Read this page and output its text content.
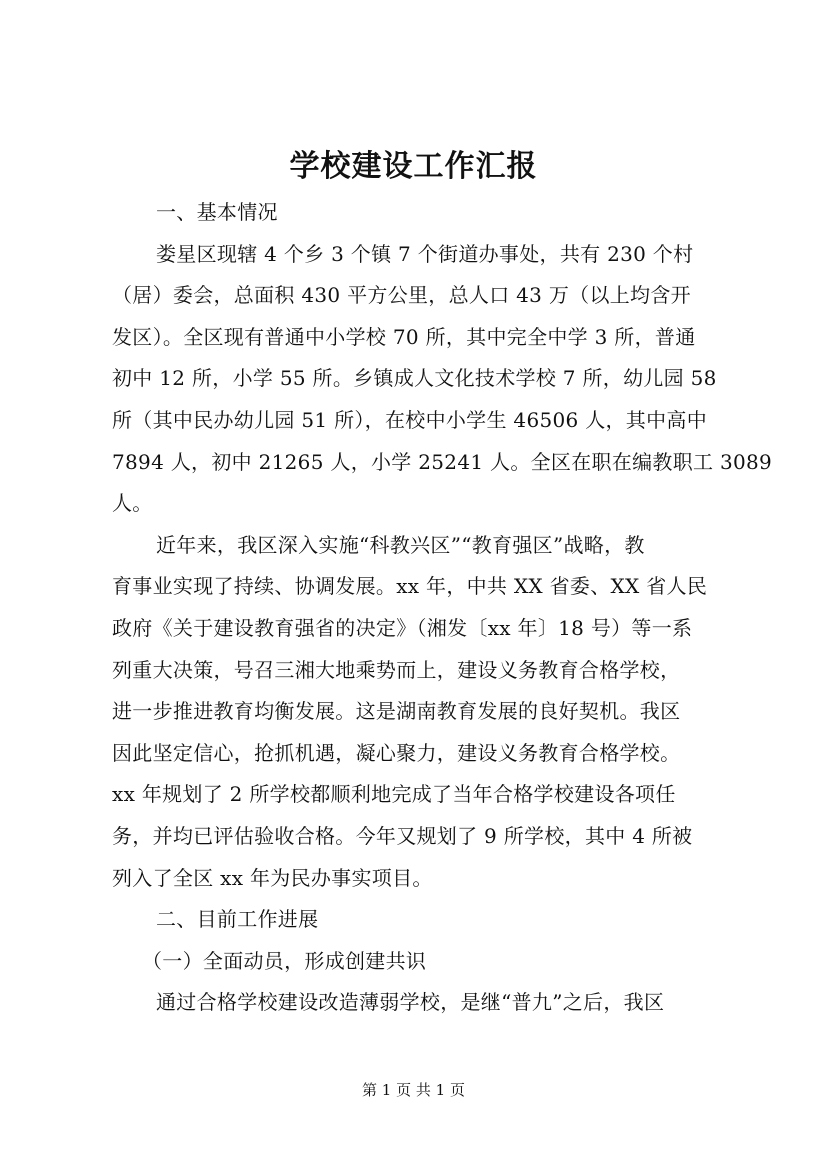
学校建设工作汇报
一、基本情况
娄星区现辖 4 个乡 3 个镇 7 个街道办事处，共有 230 个村
（居）委会，总面积 430 平方公里，总人口 43 万（以上均含开
发区）。全区现有普通中小学校 70 所，其中完全中学 3 所，普通
初中 12 所，小学 55 所。乡镇成人文化技术学校 7 所，幼儿园 58
所（其中民办幼儿园 51 所），在校中小学生 46506 人，其中高中
7894 人，初中 21265 人，小学 25241 人。全区在职在编教职工 3089
人。
近年来，我区深入实施“科教兴区”“教育强区”战略，教
育事业实现了持续、协调发展。xx 年，中共 XX 省委、XX 省人民
政府《关于建设教育强省的决定》（湘发〔xx 年〕18 号）等一系
列重大决策，号召三湘大地乘势而上，建设义务教育合格学校，
进一步推进教育均衡发展。这是湖南教育发展的良好契机。我区
因此坚定信心，抢抓机遇，凝心聚力，建设义务教育合格学校。
xx 年规划了 2 所学校都顺利地完成了当年合格学校建设各项任
务，并均已评估验收合格。今年又规划了 9 所学校，其中 4 所被
列入了全区 xx 年为民办事实项目。
二、目前工作进展
（一）全面动员，形成创建共识
通过合格学校建设改造薄弱学校，是继“普九”之后，我区
第 1 页 共 1 页
